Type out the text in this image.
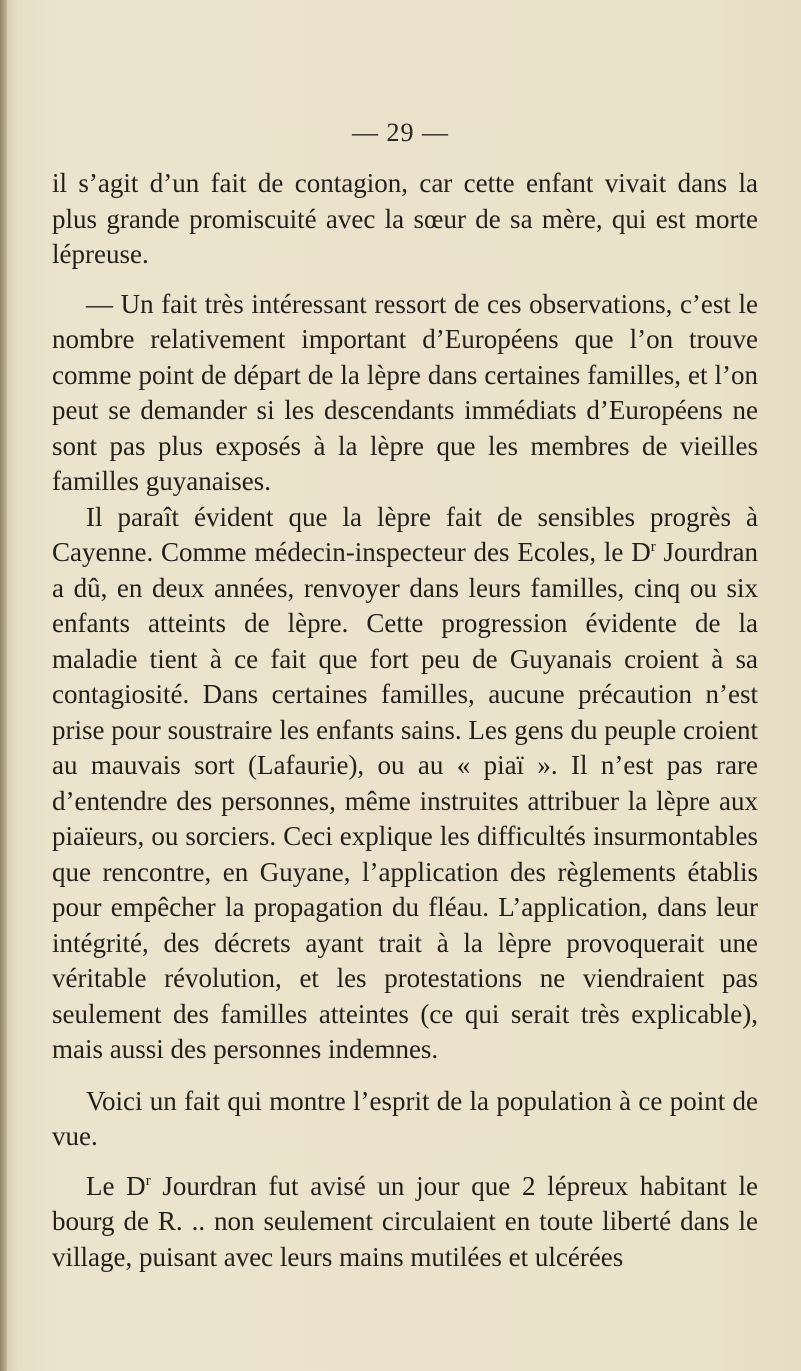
— 29 —

il s’agit d’un fait de contagion, car cette enfant vivait dans la plus grande promiscuité avec la sœur de sa mère, qui est morte lépreuse.

— Un fait très intéressant ressort de ces observations, c’est le nombre relativement important d’Européens que l’on trouve comme point de départ de la lèpre dans certaines familles, et l’on peut se demander si les descendants immédiats d’Européens ne sont pas plus exposés à la lèpre que les membres de vieilles familles guyanaises.

Il paraît évident que la lèpre fait de sensibles progrès à Cayenne. Comme médecin-inspecteur des Ecoles, le $D^r$ Jourdran a dû, en deux années, renvoyer dans leurs familles, cinq ou six enfants atteints de lèpre. Cette progression évidente de la maladie tient à ce fait que fort peu de Guyanais croient à sa contagiosité. Dans certaines familles, aucune précaution n’est prise pour soustraire les enfants sains. Les gens du peuple croient au mauvais sort (Lafaurie), ou au « piaï ». Il n’est pas rare d’entendre des personnes, même instruites attribuer la lèpre aux piaïeurs, ou sorciers. Ceci explique les difficultés insurmontables que rencontre, en Guyane, l’application des règlements établis pour empêcher la propagation du fléau. L’application, dans leur intégrité, des décrets ayant trait à la lèpre provoquerait une véritable révolution, et les protestations ne viendraient pas seulement des familles atteintes (ce qui serait très explicable), mais aussi des personnes indemnes.

Voici un fait qui montre l’esprit de la population à ce point de vue.

Le $D^r$ Jourdran fut avisé un jour que 2 lépreux habitant le bourg de R. .. non seulement circulaient en toute liberté dans le village, puisant avec leurs mains mutilées et ulcérées
